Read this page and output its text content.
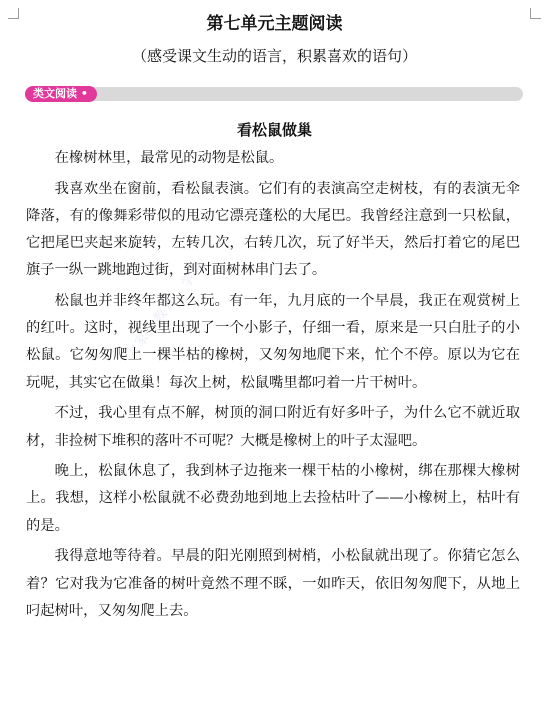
第七单元主题阅读
（感受课文生动的语言，积累喜欢的语句）
类文阅读 •
看松鼠做巢

在橡树林里，最常见的动物是松鼠。

我喜欢坐在窗前，看松鼠表演。它们有的表演高空走树枝，有的表演无伞降落，有的像舞彩带似的甩动它漂亮蓬松的大尾巴。我曾经注意到一只松鼠，它把尾巴夹起来旋转，左转几次，右转几次，玩了好半天，然后打着它的尾巴旗子一纵一跳地跑过街，到对面树林串门去了。

松鼠也并非终年都这么玩。有一年，九月底的一个早晨，我正在观赏树上的红叶。这时，视线里出现了一个小影子，仔细一看，原来是一只白肚子的小松鼠。它匆匆爬上一棵半枯的橡树，又匆匆地爬下来，忙个不停。原以为它在玩呢，其实它在做巢！每次上树，松鼠嘴里都叼着一片干树叶。

不过，我心里有点不解，树顶的洞口附近有好多叶子，为什么它不就近取材，非捡树下堆积的落叶不可呢？大概是橡树上的叶子太湿吧。

晚上，松鼠休息了，我到林子边拖来一棵干枯的小橡树，绑在那棵大橡树上。我想，这样小松鼠就不必费劲地到地上去捡枯叶了——小橡树上，枯叶有的是。

我得意地等待着。早晨的阳光刚照到树梢，小松鼠就出现了。你猜它怎么着？它对我为它准备的树叶竟然不理不睬，一如昨天，依旧匆匆爬下，从地上叼起树叶，又匆匆爬上去。

大家，教育，学习
